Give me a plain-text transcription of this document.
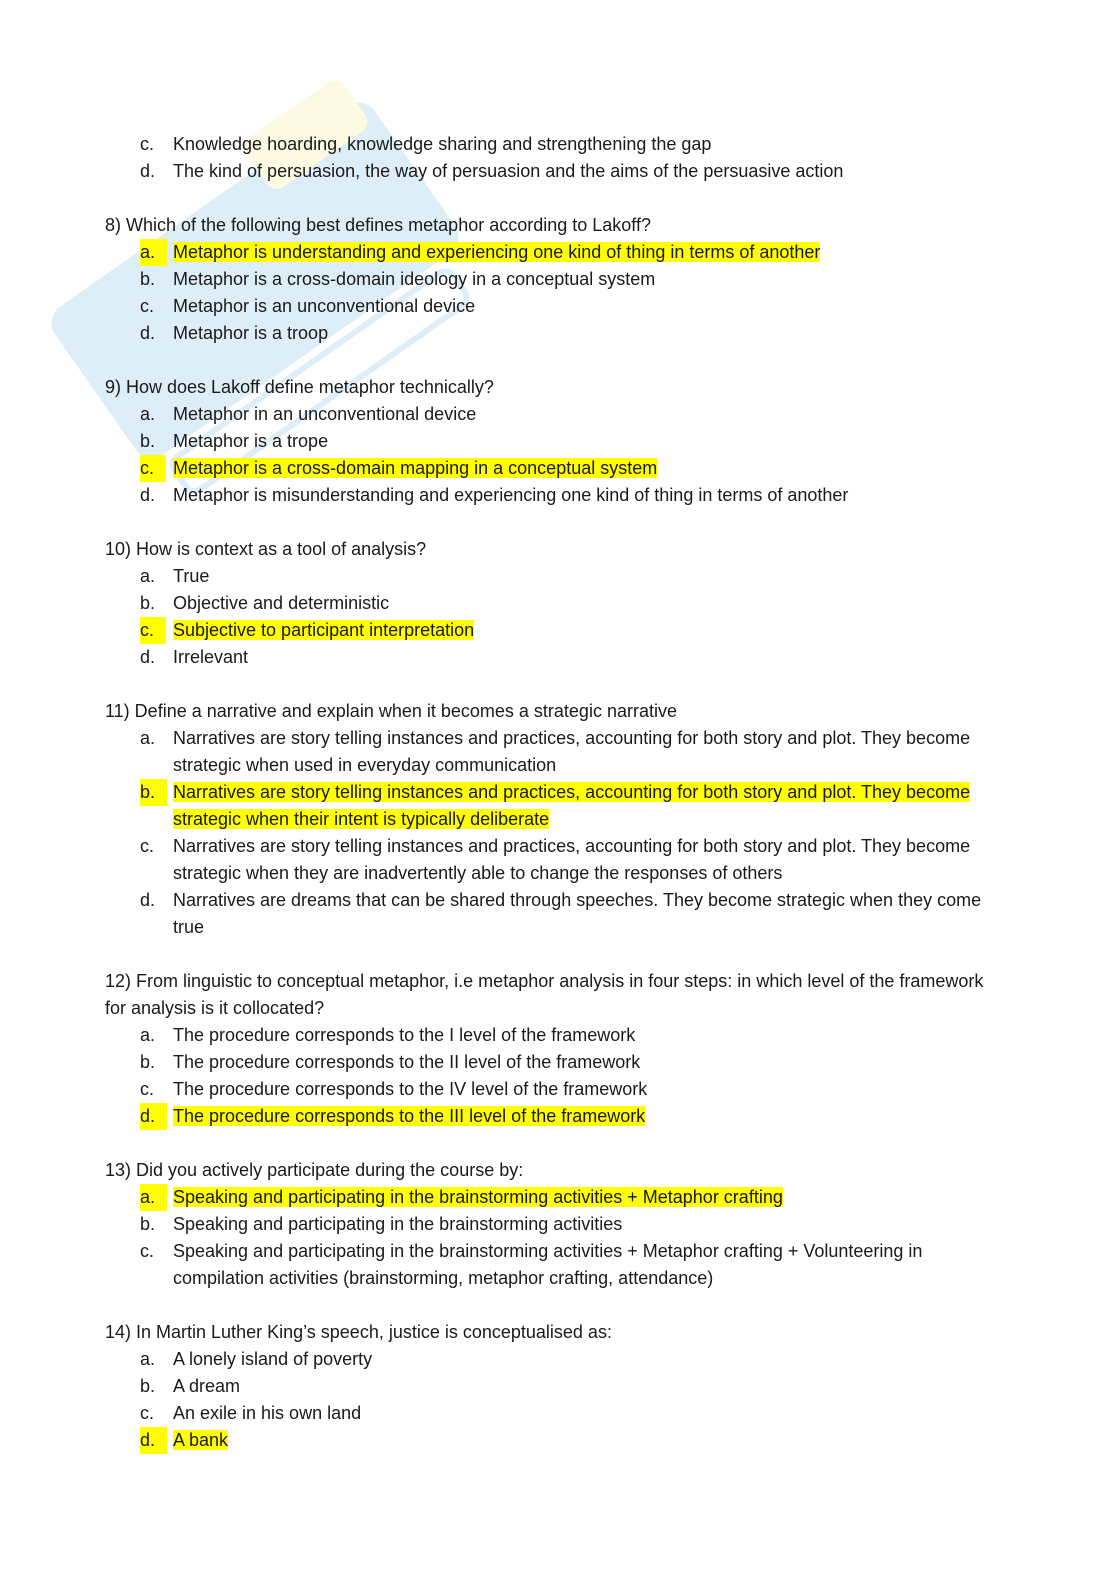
c. Knowledge hoarding, knowledge sharing and strengthening the gap
d. The kind of persuasion, the way of persuasion and the aims of the persuasive action

8) Which of the following best defines metaphor according to Lakoff?

a. Metaphor is understanding and experiencing one kind of thing in terms of another
b. Metaphor is a cross-domain ideology in a conceptual system
c. Metaphor is an unconventional device
d. Metaphor is a troop

9) How does Lakoff define metaphor technically?

a. Metaphor in an unconventional device
b. Metaphor is a trope
c.	Metaphor is a cross-domain mapping in a conceptual system
d. Metaphor is misunderstanding and experiencing one kind of thing in terms of another

10) How is context as a tool of analysis?

a. True
b. Objective and deterministic
c.	Subjective to participant interpretation
d. Irrelevant

11) Define a narrative and explain when it becomes a strategic narrative

a. Narratives are story telling instances and practices, accounting for both story and plot. They become strategic when used in everyday communication
b. Narratives are story telling instances and practices, accounting for both story and plot. They become strategic when their intent is typically deliberate
c. Narratives are story telling instances and practices, accounting for both story and plot. They become strategic when they are inadvertently able to change the responses of others
d. Narratives are dreams that can be shared through speeches. They become strategic when they come true

12) From linguistic to conceptual metaphor, i.e metaphor analysis in four steps: in which level of the framework for analysis is it collocated?

a. The procedure corresponds to the I level of the framework
b. The procedure corresponds to the II level of the framework
c. The procedure corresponds to the IV level of the framework
d. The procedure corresponds to the III level of the framework

13) Did you actively participate during the course by:

a. Speaking and participating in the brainstorming activities + Metaphor crafting
b. Speaking and participating in the brainstorming activities
c. Speaking and participating in the brainstorming activities + Metaphor crafting + Volunteering in compilation activities (brainstorming, metaphor crafting, attendance)

14) In Martin Luther King’s speech, justice is conceptualised as:

a. A lonely island of poverty
b. A dream
c. An exile in his own land
d. A bank
